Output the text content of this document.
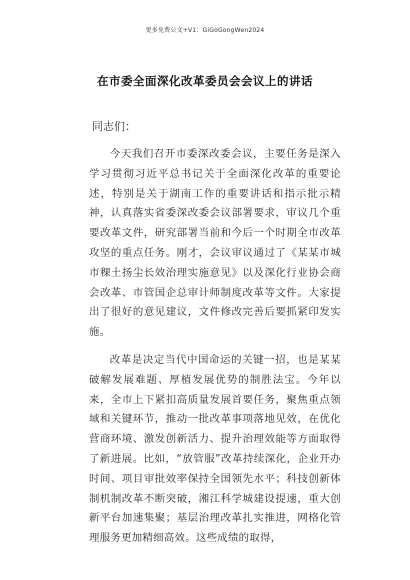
更多免费公文+V1：GiGoGongWen2024
在市委全面深化改革委员会会议上的讲话
同志们：

今天我们召开市委深改委会议，主要任务是深入学习贯彻习近平总书记关于全面深化改革的重要论述，特别是关于湖南工作的重要讲话和指示批示精神，认真落实省委深改委会议部署要求，审议几个重要改革文件，研究部署当前和今后一个时期全市改革攻坚的重点任务。刚才，会议审议通过了《某某市城市稞土扬尘长效治理实施意见》以及深化行业协会商会改革、市管国企总审计师制度改革等文件。大家提出了很好的意见建议，文件修改完善后要抓紧印发实施。

改革是决定当代中国命运的关键一招，也是某某破解发展难题、厚植发展优势的制胜法宝。今年以来，全市上下紧扣高质量发展首要任务，聚焦重点领域和关键环节，推动一批改革事项落地见效，在优化营商环境、激发创新活力、提升治理效能等方面取得了新进展。比如，“放管服”改革持续深化，企业开办时间、项目审批效率保持全国领先水平；科技创新体制机制改革不断突破，湘江科学城建设提速，重大创新平台加速集聚；基层治理改革扎实推进，网格化管理服务更加精细高效。这些成绩的取得，
